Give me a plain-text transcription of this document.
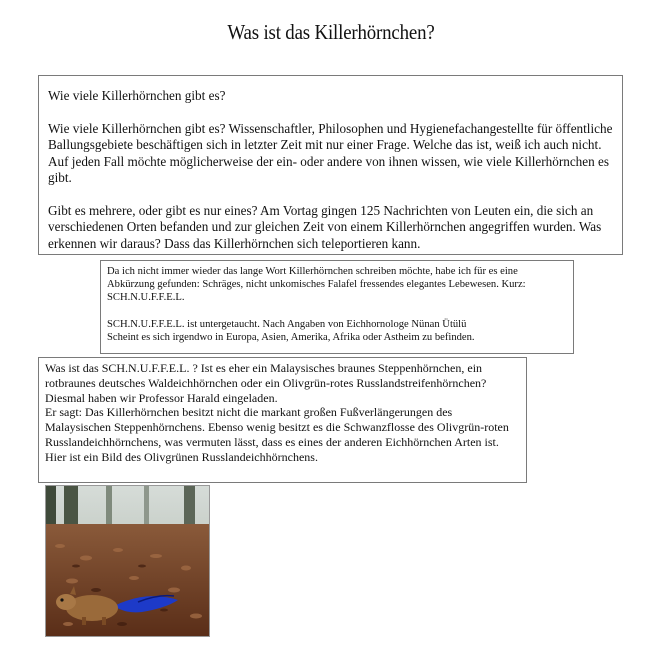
Was ist das Killerhörnchen?

Wie viele Killerhörnchen gibt es?

Wie viele Killerhörnchen gibt es? Wissenschaftler, Philosophen und Hygienefachangestellte für öffentliche Ballungsgebiete beschäftigen sich in letzter Zeit mit nur einer Frage. Welche das ist, weiß ich auch nicht. Auf jeden Fall möchte möglicherweise der ein- oder andere von ihnen wissen, wie viele Killerhörnchen es gibt.

Gibt es mehrere, oder gibt es nur eines? Am Vortag gingen 125 Nachrichten von Leuten ein, die sich an verschiedenen Orten befanden und zur gleichen Zeit von einem Killerhörnchen angegriffen wurden. Was erkennen wir daraus? Dass das Killerhörnchen sich teleportieren kann.

Da ich nicht immer wieder das lange Wort Killerhörnchen schreiben möchte, habe ich für es eine Abkürzung gefunden: Schräges, nicht unkomisches Falafel fressendes elegantes Lebewesen. Kurz: SCH.N.U.F.F.E.L.

SCH.N.U.F.F.E.L. ist untergetaucht. Nach Angaben von Eichhornologe Nünan Ütülü

Scheint es sich irgendwo in Europa, Asien, Amerika, Afrika oder Astheim zu befinden.

Was ist das SCH.N.U.F.F.E.L. ? Ist es eher ein Malaysisches braunes Steppenhörnchen, ein rotbraunes deutsches Waldeichhörnchen oder ein Olivgrün-rotes Russlandstreifenhörnchen? Diesmal haben wir Professor Harald eingeladen.

Er sagt: Das Killerhörnchen besitzt nicht die markant großen Fußverlängerungen des Malaysischen Steppenhörnchens. Ebenso wenig besitzt es die Schwanzflosse des Olivgrün-roten Russlandeichhörnchens, was vermuten lässt, dass es eines der anderen Eichhörnchen Arten ist.

Hier ist ein Bild des Olivgrünen Russlandeichhörnchens.
